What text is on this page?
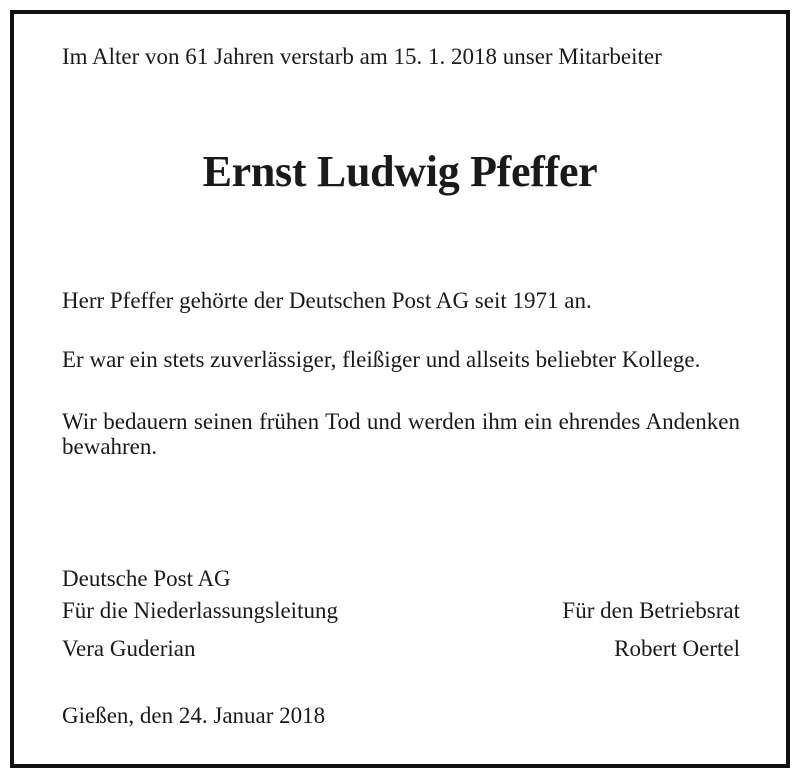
Im Alter von 61 Jahren verstarb am 15. 1. 2018 unser Mitarbeiter

Ernst Ludwig Pfeffer

Herr Pfeffer gehörte der Deutschen Post AG seit 1971 an.

Er war ein stets zuverlässiger, fleißiger und allseits beliebter Kollege.

Wir bedauern seinen frühen Tod und werden ihm ein ehrendes Andenken bewahren.

Deutsche Post AG

Für die Niederlassungsleitung	Für den Betriebsrat

Vera Guderian	Robert Oertel

Gießen, den 24. Januar 2018
